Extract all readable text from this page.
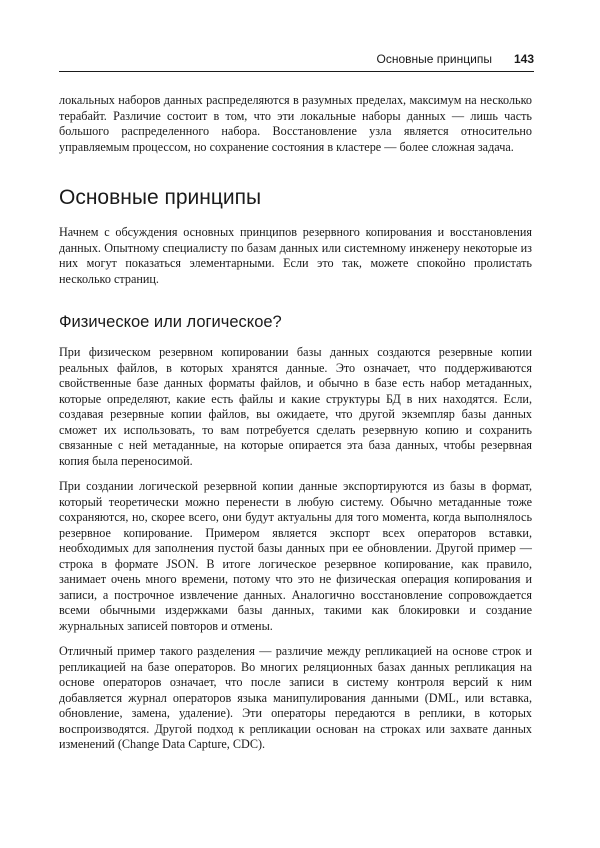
Основные принципы 143

локальных наборов данных распределяются в разумных пределах, максимум на несколько терабайт. Различие состоит в том, что эти локальные наборы данных — лишь часть большого распределенного набора. Восстановление узла является относительно управляемым процессом, но сохранение состояния в кластере — более сложная задача.

Основные принципы

Начнем с обсуждения основных принципов резервного копирования и восстановления данных. Опытному специалисту по базам данных или системному инженеру некоторые из них могут показаться элементарными. Если это так, можете спокойно пролистать несколько страниц.

Физическое или логическое?

При физическом резервном копировании базы данных создаются резервные копии реальных файлов, в которых хранятся данные. Это означает, что поддерживаются свойственные базе данных форматы файлов, и обычно в базе есть набор метаданных, которые определяют, какие есть файлы и какие структуры БД в них находятся. Если, создавая резервные копии файлов, вы ожидаете, что другой экземпляр базы данных сможет их использовать, то вам потребуется сделать резервную копию и сохранить связанные с ней метаданные, на которые опирается эта база данных, чтобы резервная копия была переносимой.

При создании логической резервной копии данные экспортируются из базы в формат, который теоретически можно перенести в любую систему. Обычно метаданные тоже сохраняются, но, скорее всего, они будут актуальны для того момента, когда выполнялось резервное копирование. Примером является экспорт всех операторов вставки, необходимых для заполнения пустой базы данных при ее обновлении. Другой пример — строка в формате JSON. В итоге логическое резервное копирование, как правило, занимает очень много времени, потому что это не физическая операция копирования и записи, а построчное извлечение данных. Аналогично восстановление сопровождается всеми обычными издержками базы данных, такими как блокировки и создание журнальных записей повторов и отмены.

Отличный пример такого разделения — различие между репликацией на основе строк и репликацией на базе операторов. Во многих реляционных базах данных репликация на основе операторов означает, что после записи в систему контроля версий к ним добавляется журнал операторов языка манипулирования данными (DML, или вставка, обновление, замена, удаление). Эти операторы передаются в реплики, в которых воспроизводятся. Другой подход к репликации основан на строках или захвате данных изменений (Change Data Capture, CDC).
